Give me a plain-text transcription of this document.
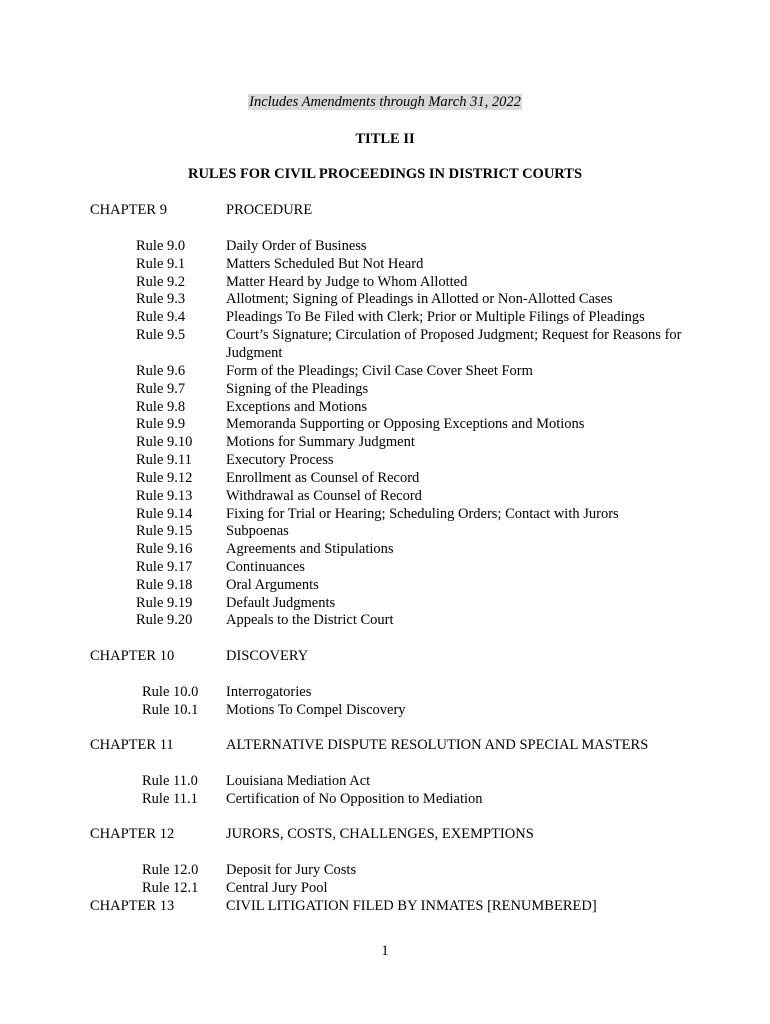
Includes Amendments through March 31, 2022
TITLE II
RULES FOR CIVIL PROCEEDINGS IN DISTRICT COURTS
CHAPTER 9	PROCEDURE
Rule 9.0	Daily Order of Business
Rule 9.1	Matters Scheduled But Not Heard
Rule 9.2	Matter Heard by Judge to Whom Allotted
Rule 9.3	Allotment; Signing of Pleadings in Allotted or Non-Allotted Cases
Rule 9.4	Pleadings To Be Filed with Clerk; Prior or Multiple Filings of Pleadings
Rule 9.5	Court’s Signature; Circulation of Proposed Judgment; Request for Reasons for Judgment
Rule 9.6	Form of the Pleadings; Civil Case Cover Sheet Form
Rule 9.7	Signing of the Pleadings
Rule 9.8	Exceptions and Motions
Rule 9.9	Memoranda Supporting or Opposing Exceptions and Motions
Rule 9.10 Motions for Summary Judgment
Rule 9.11 Executory Process
Rule 9.12 Enrollment as Counsel of Record
Rule 9.13 Withdrawal as Counsel of Record
Rule 9.14 Fixing for Trial or Hearing; Scheduling Orders; Contact with Jurors
Rule 9.15 Subpoenas
Rule 9.16 Agreements and Stipulations
Rule 9.17 Continuances
Rule 9.18 Oral Arguments
Rule 9.19 Default Judgments
Rule 9.20 Appeals to the District Court
CHAPTER 10	DISCOVERY
Rule 10.0 Interrogatories
Rule 10.1 Motions To Compel Discovery
CHAPTER 11	ALTERNATIVE DISPUTE RESOLUTION AND SPECIAL MASTERS
Rule 11.0 Louisiana Mediation Act
Rule 11.1 Certification of No Opposition to Mediation
CHAPTER 12	JURORS, COSTS, CHALLENGES, EXEMPTIONS
Rule 12.0 Deposit for Jury Costs
Rule 12.1 Central Jury Pool
CHAPTER 13	CIVIL LITIGATION FILED BY INMATES [RENUMBERED]
1
